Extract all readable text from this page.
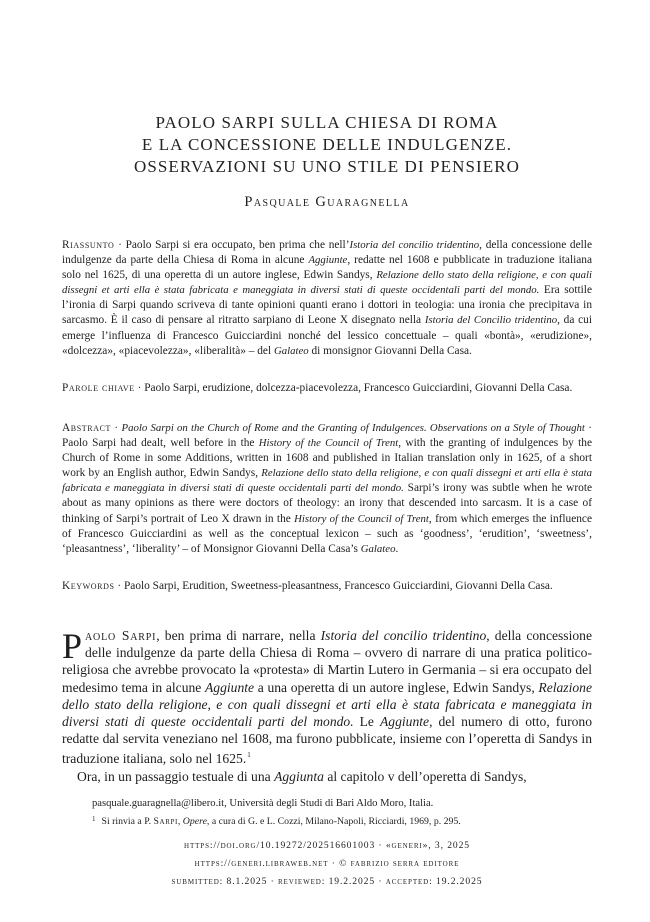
PAOLO SARPI SULLA CHIESA DI ROMA
E LA CONCESSIONE DELLE INDULGENZE.
OSSERVAZIONI SU UNO STILE DI PENSIERO
Pasquale Guaragnella
Riassunto · Paolo Sarpi si era occupato, ben prima che nell’Istoria del concilio tridentino, della concessione delle indulgenze da parte della Chiesa di Roma in alcune Aggiunte, redatte nel 1608 e pubblicate in traduzione italiana solo nel 1625, di una operetta di un autore inglese, Edwin Sandys, Relazione dello stato della religione, e con quali dissegni et arti ella è stata fabricata e maneggiata in diversi stati di queste occidentali parti del mondo. Era sottile l’ironia di Sarpi quando scriveva di tante opinioni quanti erano i dottori in teologia: una ironia che precipitava in sarcasmo. È il caso di pensare al ritratto sarpiano di Leone X disegnato nella Istoria del Concilio tridentino, da cui emerge l’influenza di Francesco Guicciardini nonché del lessico concettuale – quali «bontà», «erudizione», «dolcezza», «piacevolezza», «liberalità» – del Galateo di monsignor Giovanni Della Casa.
Parole chiave · Paolo Sarpi, erudizione, dolcezza-piacevolezza, Francesco Guicciardini, Giovanni Della Casa.
Abstract · Paolo Sarpi on the Church of Rome and the Granting of Indulgences. Observations on a Style of Thought · Paolo Sarpi had dealt, well before in the History of the Council of Trent, with the granting of indulgences by the Church of Rome in some Additions, written in 1608 and published in Italian translation only in 1625, of a short work by an English author, Edwin Sandys, Relazione dello stato della religione, e con quali dissegni et arti ella è stata fabricata e maneggiata in diversi stati di queste occidentali parti del mondo. Sarpi’s irony was subtle when he wrote about as many opinions as there were doctors of theology: an irony that descended into sarcasm. It is a case of thinking of Sarpi’s portrait of Leo X drawn in the History of the Council of Trent, from which emerges the influence of Francesco Guicciardini as well as the conceptual lexicon – such as ‘goodness’, ‘erudition’, ‘sweetness’, ‘pleasantness’, ‘liberality’ – of Monsignor Giovanni Della Casa’s Galateo.
Keywords · Paolo Sarpi, Erudition, Sweetness-pleasantness, Francesco Guicciardini, Giovanni Della Casa.

Paolo Sarpi, ben prima di narrare, nella Istoria del concilio tridentino, della concessione delle indulgenze da parte della Chiesa di Roma – ovvero di narrare di una pratica politico-religiosa che avrebbe provocato la «protesta» di Martin Lutero in Germania – si era occupato del medesimo tema in alcune Aggiunte a una operetta di un autore inglese, Edwin Sandys, Relazione dello stato della religione, e con quali dissegni et arti ella è stata fabricata e maneggiata in diversi stati di queste occidentali parti del mondo. Le Aggiunte, del numero di otto, furono redatte dal servita veneziano nel 1608, ma furono pubblicate, insieme con l’operetta di Sandys in traduzione italiana, solo nel 1625.$^1$

Ora, in un passaggio testuale di una Aggiunta al capitolo v dell’operetta di Sandys,

pasquale.guaragnella@libero.it, Università degli Studi di Bari Aldo Moro, Italia.
$^1$ Si rinvia a P. Sarpi, Opere, a cura di G. e L. Cozzi, Milano-Napoli, Ricciardi, 1969, p. 295.
https://doi.org/10.19272/202516601003 · «generi», 3, 2025
https://generi.libraweb.net · © fabrizio serra editore
submitted: 8.1.2025 · reviewed: 19.2.2025 · accepted: 19.2.2025
